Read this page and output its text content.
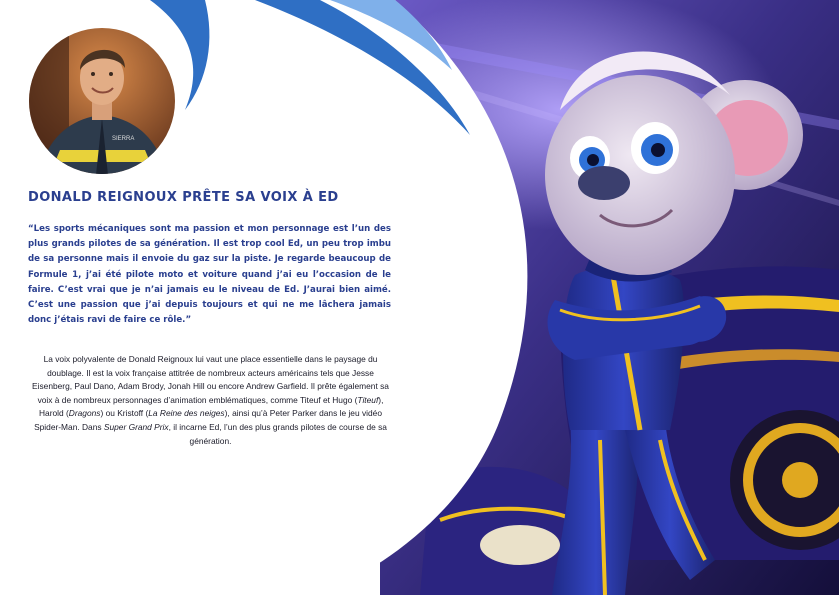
SIERRA
DONALD REIGNOUX PRÊTE SA VOIX À ED

“Les sports mécaniques sont ma passion et mon personnage est l’un des plus grands pilotes de sa génération. Il est trop cool Ed, un peu trop imbu de sa personne mais il envoie du gaz sur la piste. Je regarde beaucoup de Formule 1, j’ai été pilote moto et voiture quand j’ai eu l’occasion de le faire. C’est vrai que je n’ai jamais eu le niveau de Ed. J’aurai bien aimé. C’est une passion que j’ai depuis toujours et qui ne me lâchera jamais donc j’étais ravi de faire ce rôle.”

La voix polyvalente de Donald Reignoux lui vaut une place essentielle dans le paysage du doublage. Il est la voix française attitrée de nombreux acteurs américains tels que Jesse Eisenberg, Paul Dano, Adam Brody, Jonah Hill ou encore Andrew Garfield. Il prête également sa voix à de nombreux personnages d’animation emblématiques, comme Titeuf et Hugo (Titeuf), Harold (Dragons) ou Kristoff (La Reine des neiges), ainsi qu’à Peter Parker dans le jeu vidéo Spider-Man. Dans Super Grand Prix, il incarne Ed, l’un des plus grands pilotes de course de sa génération.
